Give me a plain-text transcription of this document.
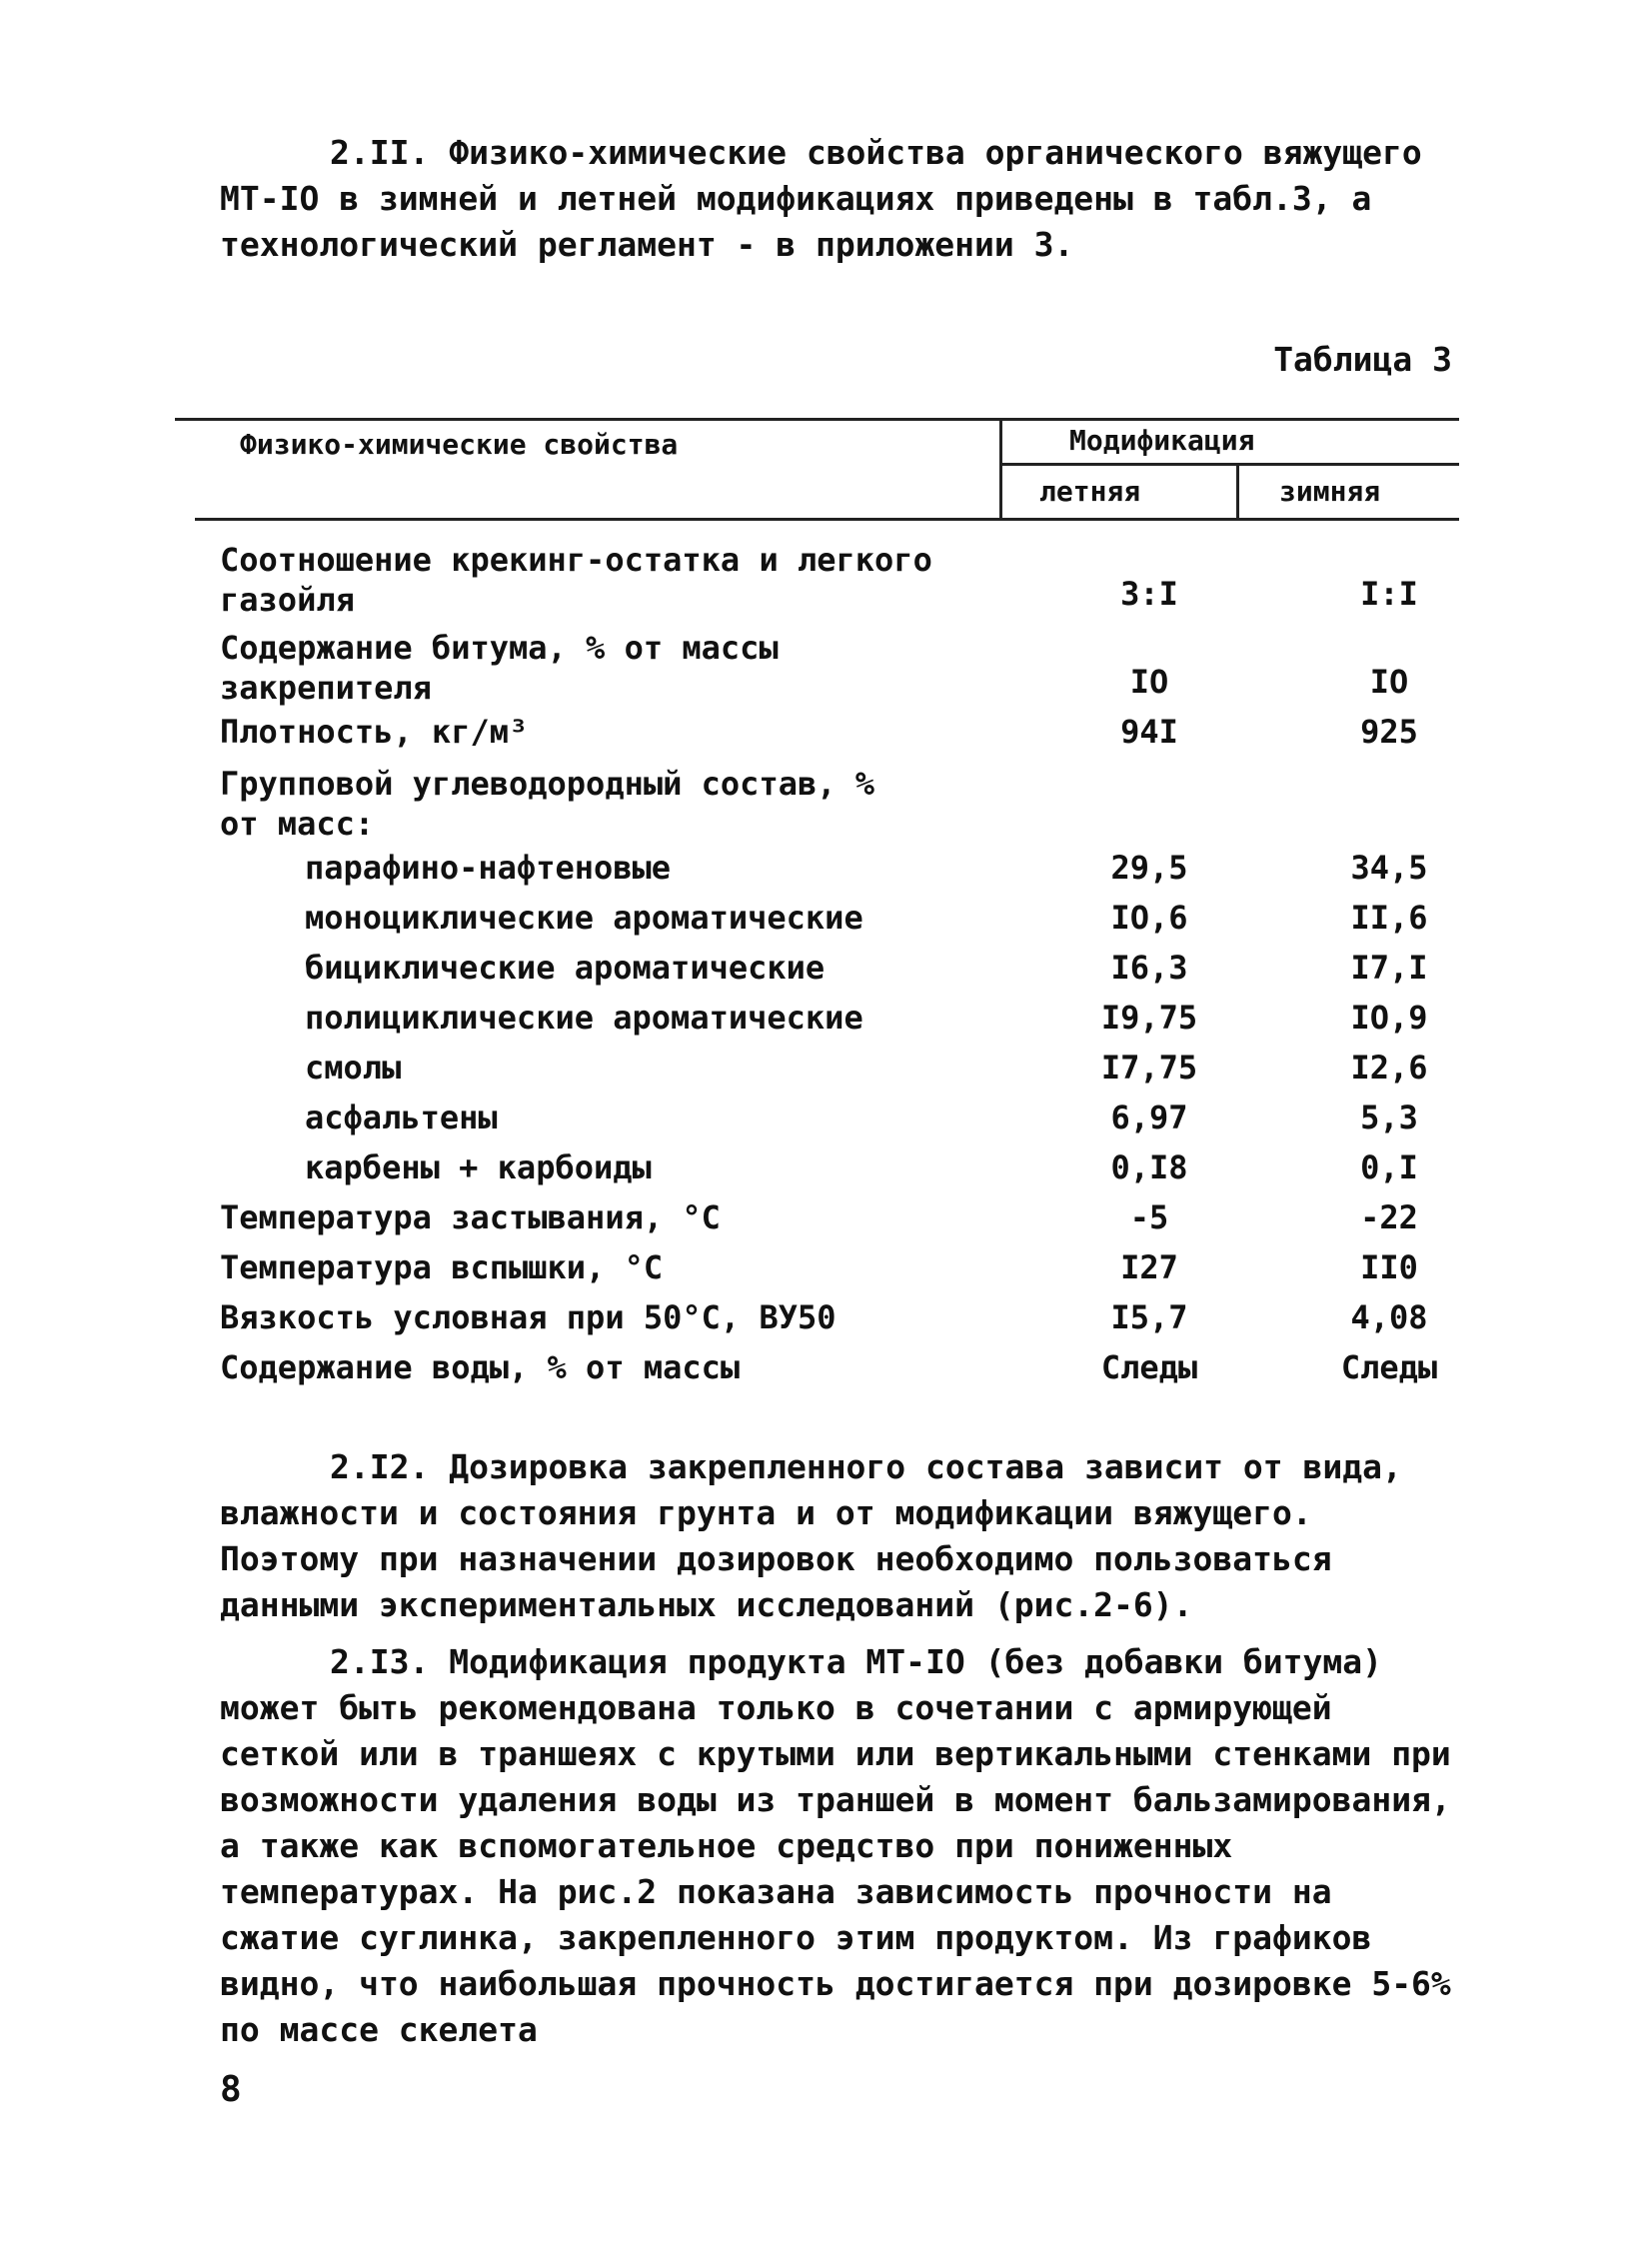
2.II. Физико-химические свойства органического вяжущего МТ-IO в зимней и летней модификациях приведены в табл.3, а технологический регламент - в приложении 3.
Таблица 3
Физико-химические свойства	Модификация
летняя	зимняя
Соотношение крекинг-остатка и легкого газойля	3:I	I:I
Содержание битума, % от массы закрепителя	IO	IO
Плотность, кг/м³	94I	925
Групповой углеводородный состав, % от масс:
парафино-нафтеновые	29,5	34,5
моноциклические ароматические	IO,6	II,6
бициклические ароматические	I6,3	I7,I
полициклические ароматические	I9,75	IO,9
смолы	I7,75	I2,6
асфальтены	6,97	5,3
карбены + карбоиды	0,I8	0,I
Температура застывания, °С	-5	-22
Температура вспышки, °С	I27	II0
Вязкость условная при 50°С, ВУ50	I5,7	4,08
Содержание воды, % от массы	Следы	Следы
2.I2. Дозировка закрепленного состава зависит от вида, влажности и состояния грунта и от модификации вяжущего. Поэтому при назначении дозировок необходимо пользоваться данными экспериментальных исследований (рис.2-6).
2.I3. Модификация продукта МТ-IO (без добавки битума) может быть рекомендована только в сочетании с армирующей сеткой или в траншеях с крутыми или вертикальными стенками при возможности удаления воды из траншей в момент бальзамирования, а также как вспомогательное средство при пониженных температурах. На рис.2 показана зависимость прочности на сжатие суглинка, закрепленного этим продуктом. Из графиков видно, что наибольшая прочность достигается при дозировке 5-6% по массе скелета
8
